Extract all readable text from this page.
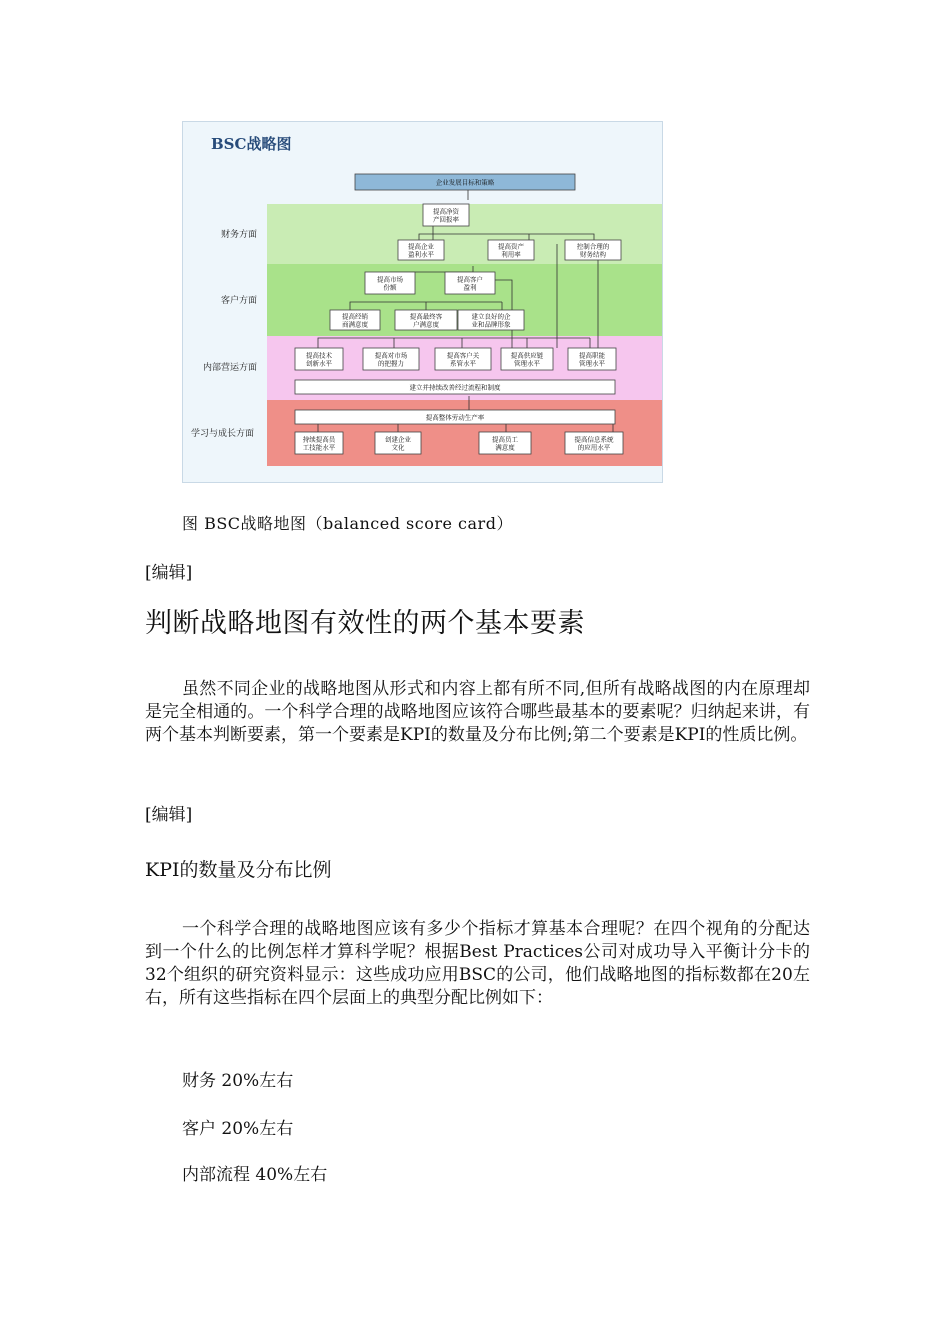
BSC战略图
财务方面
客户方面
内部营运方面
学习与成长方面
企业发展目标和策略
提高净资
产回报率
提高企业
盈利水平
提高资产
利用率
控制合理的
财务结构
提高市场
份额
提高客户
盈利
提高经销
商满意度
提高最终客
户满意度
建立良好的企
业和品牌形象
提高技术
创新水平
提高对市场
的把握力
提高客户关
系管水平
提高供应链
管理水平
提高职能
管理水平
建立并持续改善经过流程和制度
提高整体劳动生产率
持续提高员
工技能水平
创建企业
文化
提高员工
满意度
提高信息系统
的应用水平
图 BSC战略地图（balanced score card）
[编辑]
判断战略地图有效性的两个基本要素

虽然不同企业的战略地图从形式和内容上都有所不同,但所有战略战图的内在原理却是完全相通的。一个科学合理的战略地图应该符合哪些最基本的要素呢？归纳起来讲，有两个基本判断要素，第一个要素是KPI的数量及分布比例;第二个要素是KPI的性质比例。

[编辑]
KPI的数量及分布比例

一个科学合理的战略地图应该有多少个指标才算基本合理呢？在四个视角的分配达到一个什么的比例怎样才算科学呢？根据Best Practices公司对成功导入平衡计分卡的32个组织的研究资料显示：这些成功应用BSC的公司，他们战略地图的指标数都在20左右，所有这些指标在四个层面上的典型分配比例如下：

财务 20%左右

客户 20%左右

内部流程 40%左右
